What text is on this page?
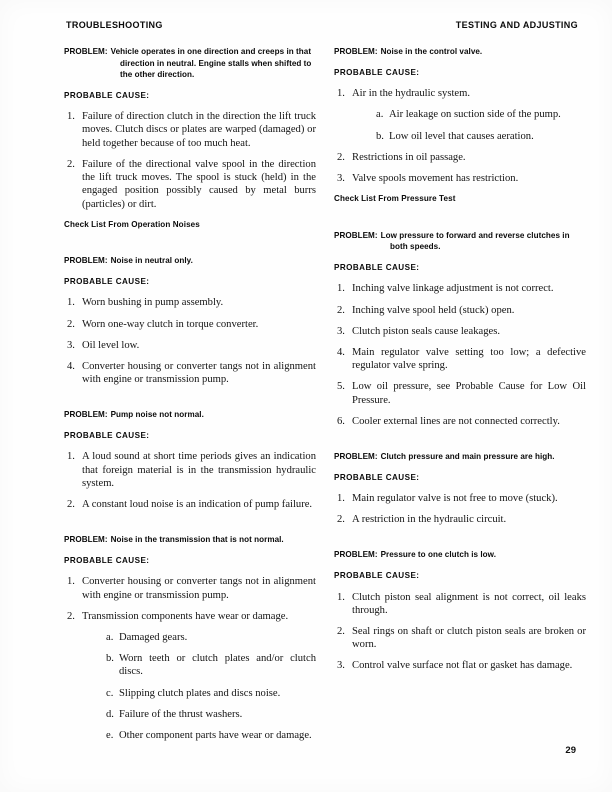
TROUBLESHOOTING	TESTING AND ADJUSTING

PROBLEM: Vehicle operates in one direction and creeps in that direction in neutral. Engine stalls when shifted to the other direction.

PROBABLE CAUSE:

1. Failure of direction clutch in the direction the lift truck moves. Clutch discs or plates are warped (damaged) or held together because of too much heat.
2. Failure of the directional valve spool in the direction the lift truck moves. The spool is stuck (held) in the engaged position possibly caused by metal burrs (particles) or dirt.

Check List From Operation Noises

PROBLEM: Noise in neutral only.

PROBABLE CAUSE:

1. Worn bushing in pump assembly.
2. Worn one-way clutch in torque converter.
3. Oil level low.
4. Converter housing or converter tangs not in alignment with engine or transmission pump.

PROBLEM: Pump noise not normal.

PROBABLE CAUSE:

1. A loud sound at short time periods gives an indication that foreign material is in the transmission hydraulic system.
2. A constant loud noise is an indication of pump failure.

PROBLEM: Noise in the transmission that is not normal.

PROBABLE CAUSE:

1. Converter housing or converter tangs not in alignment with engine or transmission pump.
2. Transmission components have wear or damage.
a. Damaged gears.
b. Worn teeth or clutch plates and/or clutch discs.
c. Slipping clutch plates and discs noise.
d. Failure of the thrust washers.
e. Other component parts have wear or damage.

PROBLEM: Noise in the control valve.

PROBABLE CAUSE:

1. Air in the hydraulic system.
a. Air leakage on suction side of the pump.
b. Low oil level that causes aeration.
2. Restrictions in oil passage.
3. Valve spools movement has restriction.

Check List From Pressure Test

PROBLEM: Low pressure to forward and reverse clutches in both speeds.

PROBABLE CAUSE:

1. Inching valve linkage adjustment is not correct.
2. Inching valve spool held (stuck) open.
3. Clutch piston seals cause leakages.
4. Main regulator valve setting too low; a defective regulator valve spring.
5. Low oil pressure, see Probable Cause for Low Oil Pressure.
6. Cooler external lines are not connected correctly.

PROBLEM: Clutch pressure and main pressure are high.

PROBABLE CAUSE:

1. Main regulator valve is not free to move (stuck).
2. A restriction in the hydraulic circuit.

PROBLEM: Pressure to one clutch is low.

PROBABLE CAUSE:

1. Clutch piston seal alignment is not correct, oil leaks through.
2. Seal rings on shaft or clutch piston seals are broken or worn.
3. Control valve surface not flat or gasket has damage.
29
